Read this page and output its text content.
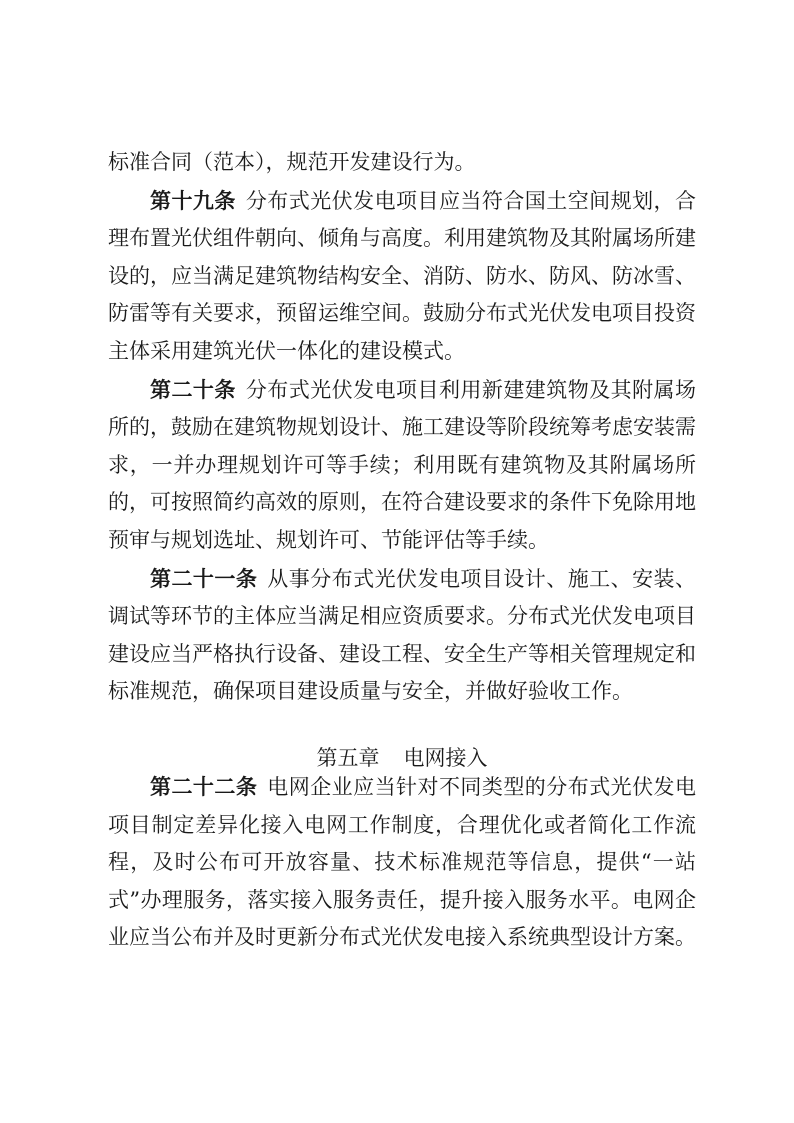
标准合同（范本），规范开发建设行为。

第十九条 分布式光伏发电项目应当符合国土空间规划，合理布置光伏组件朝向、倾角与高度。利用建筑物及其附属场所建设的，应当满足建筑物结构安全、消防、防水、防风、防冰雪、防雷等有关要求，预留运维空间。鼓励分布式光伏发电项目投资主体采用建筑光伏一体化的建设模式。

第二十条 分布式光伏发电项目利用新建建筑物及其附属场所的，鼓励在建筑物规划设计、施工建设等阶段统筹考虑安装需求，一并办理规划许可等手续；利用既有建筑物及其附属场所的，可按照简约高效的原则，在符合建设要求的条件下免除用地预审与规划选址、规划许可、节能评估等手续。

第二十一条 从事分布式光伏发电项目设计、施工、安装、调试等环节的主体应当满足相应资质要求。分布式光伏发电项目建设应当严格执行设备、建设工程、安全生产等相关管理规定和标准规范，确保项目建设质量与安全，并做好验收工作。

第五章 电网接入

第二十二条 电网企业应当针对不同类型的分布式光伏发电项目制定差异化接入电网工作制度，合理优化或者简化工作流程，及时公布可开放容量、技术标准规范等信息，提供“一站式”办理服务，落实接入服务责任，提升接入服务水平。电网企业应当公布并及时更新分布式光伏发电接入系统典型设计方案。
